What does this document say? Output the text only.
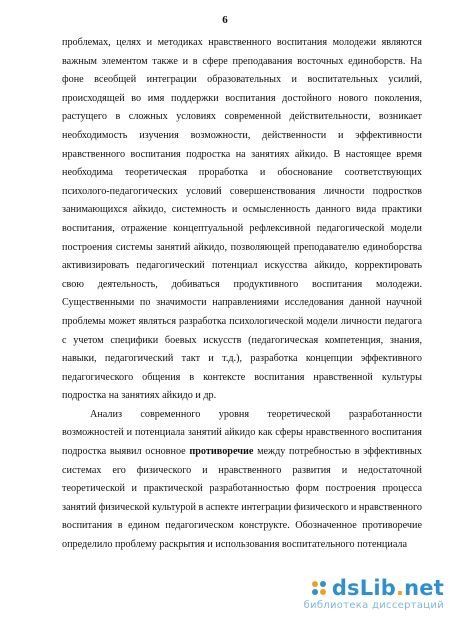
6

проблемах, целях и методиках нравственного воспитания молодежи являются важным элементом также и в сфере преподавания восточных единоборств. На фоне всеобщей интеграции образовательных и воспитательных усилий, происходящей во имя поддержки воспитания достойного нового поколения, растущего в сложных условиях современной действительности, возникает необходимость изучения возможности, действенности и эффективности нравственного воспитания подростка на занятиях айкидо. В настоящее время необходима теоретическая проработка и обоснование соответствующих психолого-педагогических условий совершенствования личности подростков занимающихся айкидо, системность и осмысленность данного вида практики воспитания, отражение концептуальной рефлексивной педагогической модели построения системы занятий айкидо, позволяющей преподавателю единоборства активизировать педагогический потенциал искусства айкидо, корректировать свою деятельность, добиваться продуктивного воспитания молодежи. Существенными по значимости направлениями исследования данной научной проблемы может являться разработка психологической модели личности педагога с учетом специфики боевых искусств (педагогическая компетенция, знания, навыки, педагогический такт и т.д.), разработка концепции эффективного педагогического общения в контексте воспитания нравственной культуры подростка на занятиях айкидо и др.

Анализ современного уровня теоретической разработанности возможностей и потенциала занятий айкидо как сферы нравственного воспитания подростка выявил основное противоречие между потребностью в эффективных системах его физического и нравственного развития и недостаточной теоретической и практической разработанностью форм построения процесса занятий физической культурой в аспекте интеграции физического и нравственного воспитания в едином педагогическом конструкте. Обозначенное противоречие определило проблему раскрытия и использования воспитательного потенциала
dsLib.net
библиотека диссертаций
